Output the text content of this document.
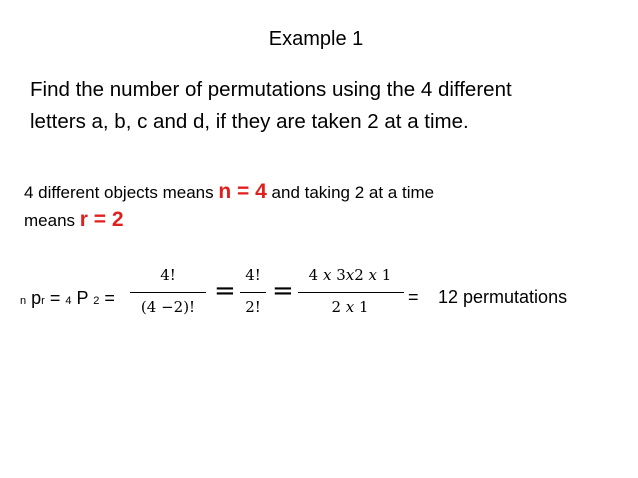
Example 1
Find the number of permutations using the 4 different
letters a, b, c and d, if they are taken 2 at a time.
4 different objects means n = 4 and taking 2 at a time
means r = 2
n pr = 4 P 2 =
4!
(4 −2)!
=
4!
2!
=
4 x 3x2 x 1
2 x 1	= 12 permutations
